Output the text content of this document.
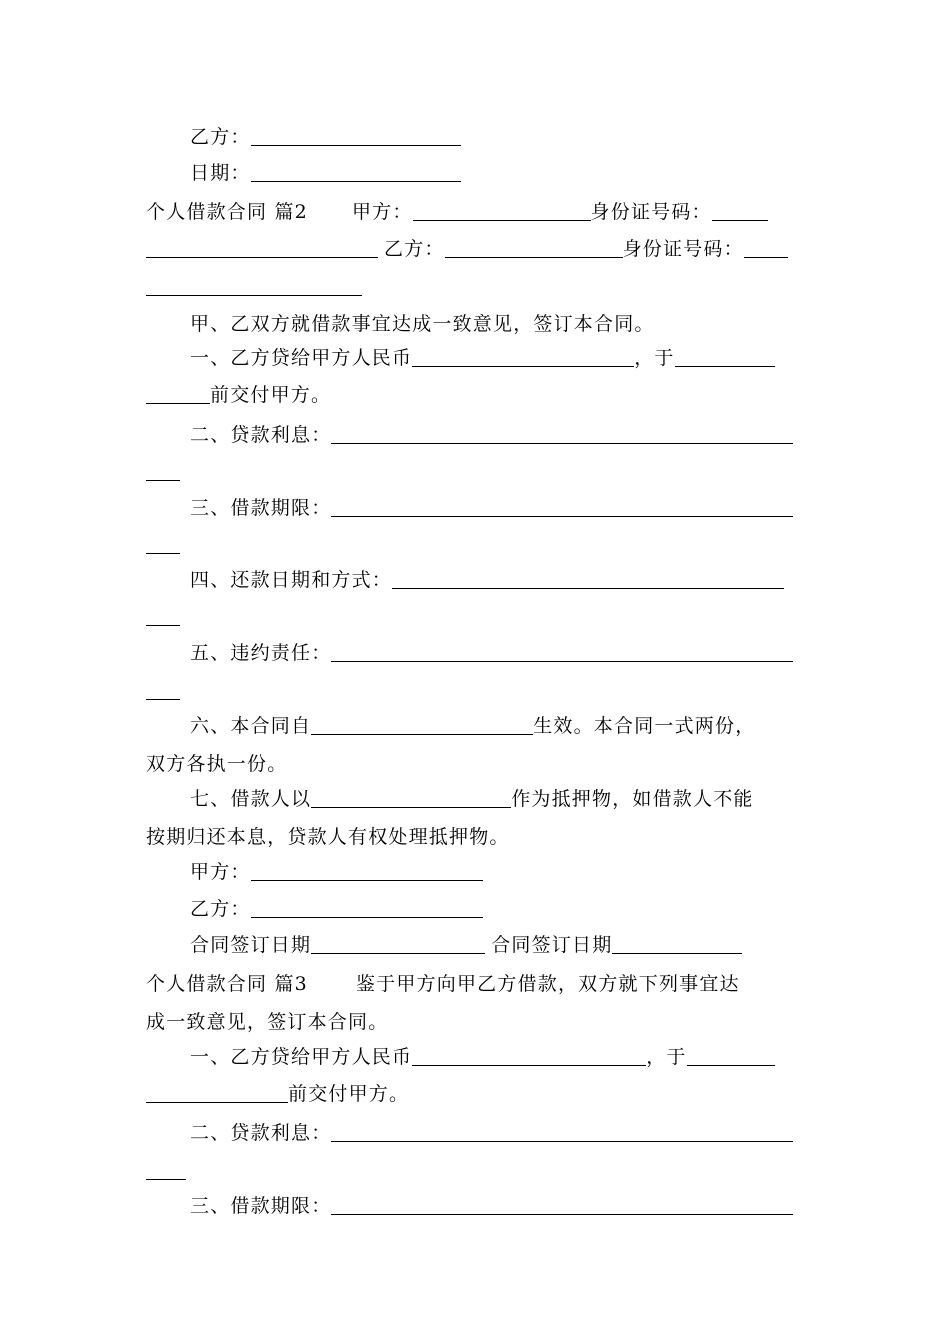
乙方：
日期：
个人借款合同 篇2 甲方：	身份证号码：
乙方：	身份证号码：
甲、乙双方就借款事宜达成一致意见，签订本合同。
一、乙方贷给甲方人民币	，于
前交付甲方。
二、贷款利息：
三、借款期限：
四、还款日期和方式：
五、违约责任：
六、本合同自	生效。本合同一式两份，
双方各执一份。
七、借款人以	作为抵押物，如借款人不能
按期归还本息，贷款人有权处理抵押物。
甲方：
乙方：
合同签订日期	合同签订日期
个人借款合同 篇3	鉴于甲方向甲乙方借款，双方就下列事宜达
成一致意见，签订本合同。
一、乙方贷给甲方人民币	，于
前交付甲方。
二、贷款利息：
三、借款期限：
